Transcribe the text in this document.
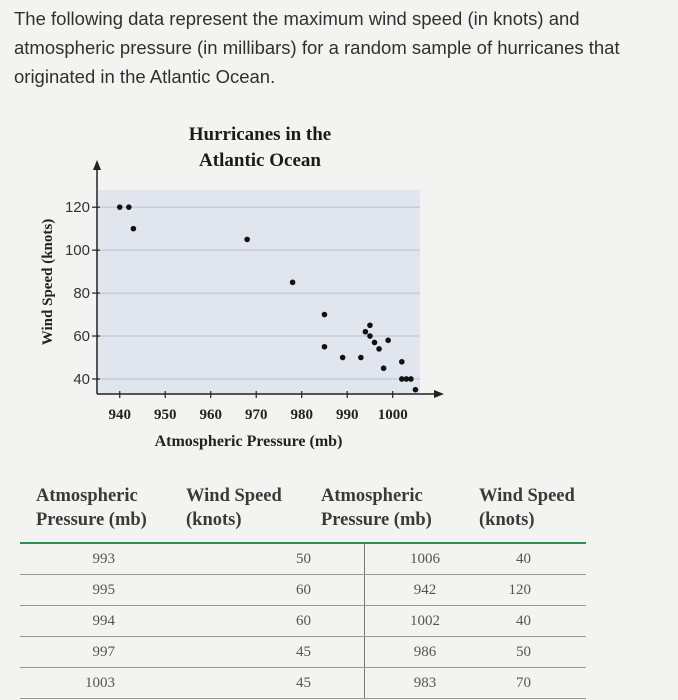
The following data represent the maximum wind speed (in knots) and atmospheric pressure (in millibars) for a random sample of hurricanes that originated in the Atlantic Ocean.

Hurricanes in the
Atlantic Ocean
40
60
80
100
120
940 950 960 970 980 990 1000
Atmospheric Pressure (mb)
Wind Speed (knots)
Atmospheric
Pressure (mb)
Wind Speed
(knots)
Atmospheric
Pressure (mb)
Wind Speed
(knots)

993	50	1006	40
995	60	942	120
994	60	1002	40
997	45	986	50
1003	45	983	70
